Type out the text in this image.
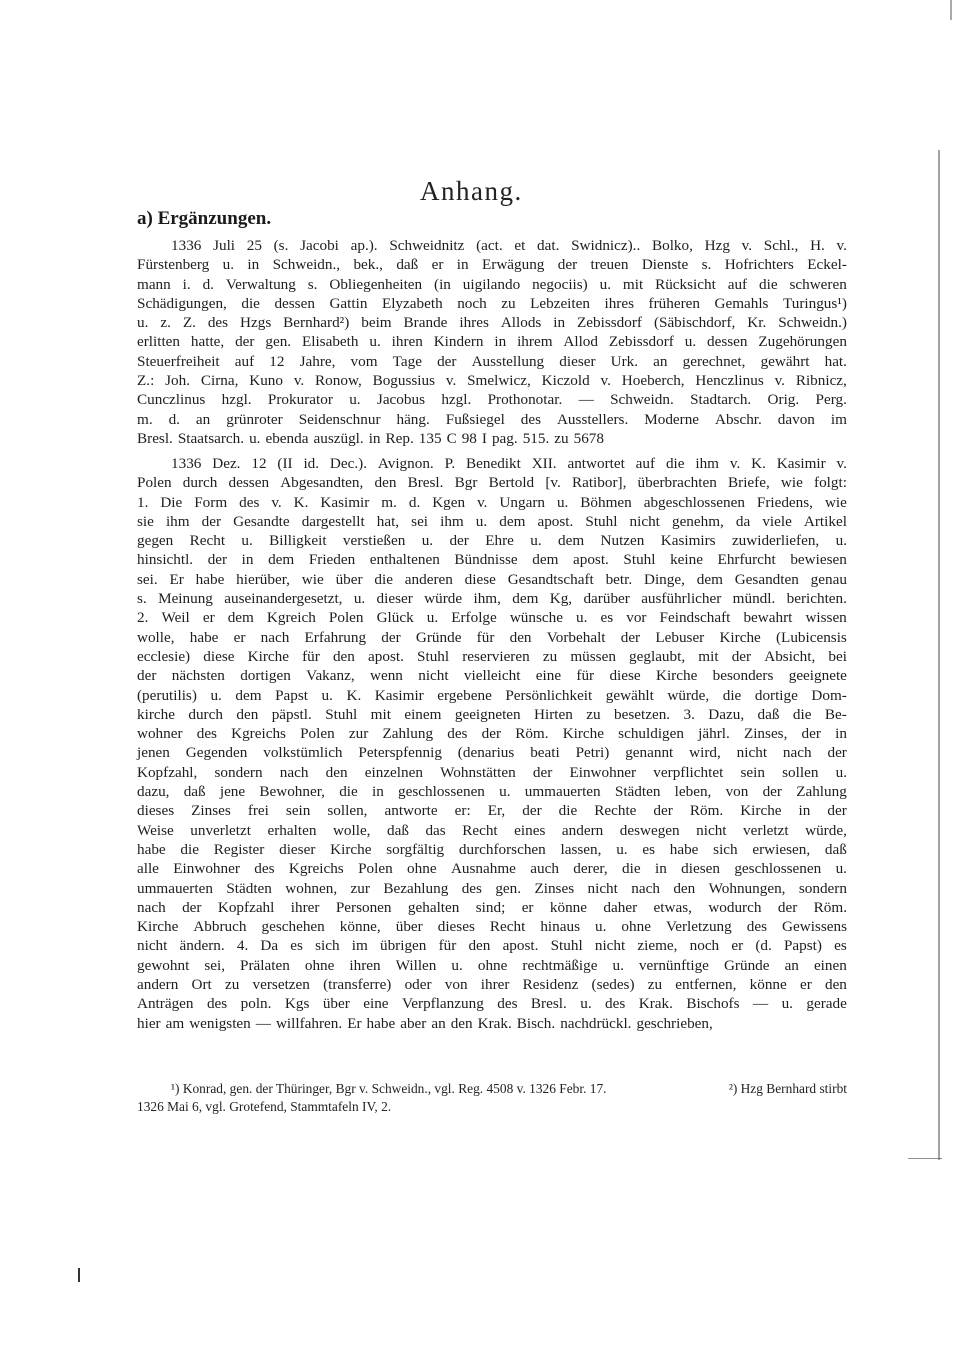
Anhang.
a) Ergänzungen.
1336 Juli 25 (s. Jacobi ap.). Schweidnitz (act. et dat. Swidnicz).. Bolko, Hzg v. Schl., H. v.
Fürstenberg u. in Schweidn., bek., daß er in Erwägung der treuen Dienste s. Hofrichters Eckel-
mann i. d. Verwaltung s. Obliegenheiten (in uigilando negociis) u. mit Rücksicht auf die schweren
Schädigungen, die dessen Gattin Elyzabeth noch zu Lebzeiten ihres früheren Gemahls Turingus¹)
u. z. Z. des Hzgs Bernhard²) beim Brande ihres Allods in Zebissdorf (Säbischdorf, Kr. Schweidn.)
erlitten hatte, der gen. Elisabeth u. ihren Kindern in ihrem Allod Zebissdorf u. dessen Zugehörungen
Steuerfreiheit auf 12 Jahre, vom Tage der Ausstellung dieser Urk. an gerechnet, gewährt hat.
Z.: Joh. Cirna, Kuno v. Ronow, Bogussius v. Smelwicz, Kiczold v. Hoeberch, Henczlinus v. Ribnicz,
Cunczlinus hzgl. Prokurator u. Jacobus hzgl. Prothonotar. — Schweidn. Stadtarch. Orig. Perg.
m. d. an grünroter Seidenschnur häng. Fußsiegel des Ausstellers. Moderne Abschr. davon im
Bresl. Staatsarch. u. ebenda auszügl. in Rep. 135 C 98 I pag. 515. zu 5678
1336 Dez. 12 (II id. Dec.). Avignon. P. Benedikt XII. antwortet auf die ihm v. K. Kasimir v.
Polen durch dessen Abgesandten, den Bresl. Bgr Bertold [v. Ratibor], überbrachten Briefe, wie folgt:
1. Die Form des v. K. Kasimir m. d. Kgen v. Ungarn u. Böhmen abgeschlossenen Friedens, wie
sie ihm der Gesandte dargestellt hat, sei ihm u. dem apost. Stuhl nicht genehm, da viele Artikel
gegen Recht u. Billigkeit verstießen u. der Ehre u. dem Nutzen Kasimirs zuwiderliefen, u.
hinsichtl. der in dem Frieden enthaltenen Bündnisse dem apost. Stuhl keine Ehrfurcht bewiesen
sei. Er habe hierüber, wie über die anderen diese Gesandtschaft betr. Dinge, dem Gesandten genau
s. Meinung auseinandergesetzt, u. dieser würde ihm, dem Kg, darüber ausführlicher mündl. berichten.
2. Weil er dem Kgreich Polen Glück u. Erfolge wünsche u. es vor Feindschaft bewahrt wissen
wolle, habe er nach Erfahrung der Gründe für den Vorbehalt der Lebuser Kirche (Lubicensis
ecclesie) diese Kirche für den apost. Stuhl reservieren zu müssen geglaubt, mit der Absicht, bei
der nächsten dortigen Vakanz, wenn nicht vielleicht eine für diese Kirche besonders geeignete
(perutilis) u. dem Papst u. K. Kasimir ergebene Persönlichkeit gewählt würde, die dortige Dom-
kirche durch den päpstl. Stuhl mit einem geeigneten Hirten zu besetzen. 3. Dazu, daß die Be-
wohner des Kgreichs Polen zur Zahlung des der Röm. Kirche schuldigen jährl. Zinses, der in
jenen Gegenden volkstümlich Peterspfennig (denarius beati Petri) genannt wird, nicht nach der
Kopfzahl, sondern nach den einzelnen Wohnstätten der Einwohner verpflichtet sein sollen u.
dazu, daß jene Bewohner, die in geschlossenen u. ummauerten Städten leben, von der Zahlung
dieses Zinses frei sein sollen, antworte er: Er, der die Rechte der Röm. Kirche in der
Weise unverletzt erhalten wolle, daß das Recht eines andern deswegen nicht verletzt würde,
habe die Register dieser Kirche sorgfältig durchforschen lassen, u. es habe sich erwiesen, daß
alle Einwohner des Kgreichs Polen ohne Ausnahme auch derer, die in diesen geschlossenen u.
ummauerten Städten wohnen, zur Bezahlung des gen. Zinses nicht nach den Wohnungen, sondern
nach der Kopfzahl ihrer Personen gehalten sind; er könne daher etwas, wodurch der Röm.
Kirche Abbruch geschehen könne, über dieses Recht hinaus u. ohne Verletzung des Gewissens
nicht ändern. 4. Da es sich im übrigen für den apost. Stuhl nicht zieme, noch er (d. Papst) es
gewohnt sei, Prälaten ohne ihren Willen u. ohne rechtmäßige u. vernünftige Gründe an einen
andern Ort zu versetzen (transferre) oder von ihrer Residenz (sedes) zu entfernen, könne er den
Anträgen des poln. Kgs über eine Verpflanzung des Bresl. u. des Krak. Bischofs — u. gerade
hier am wenigsten — willfahren. Er habe aber an den Krak. Bisch. nachdrückl. geschrieben,
¹) Konrad, gen. der Thüringer, Bgr v. Schweidn., vgl. Reg. 4508 v. 1326 Febr. 17.	²) Hzg Bernhard stirbt
1326 Mai 6, vgl. Grotefend, Stammtafeln IV, 2.
